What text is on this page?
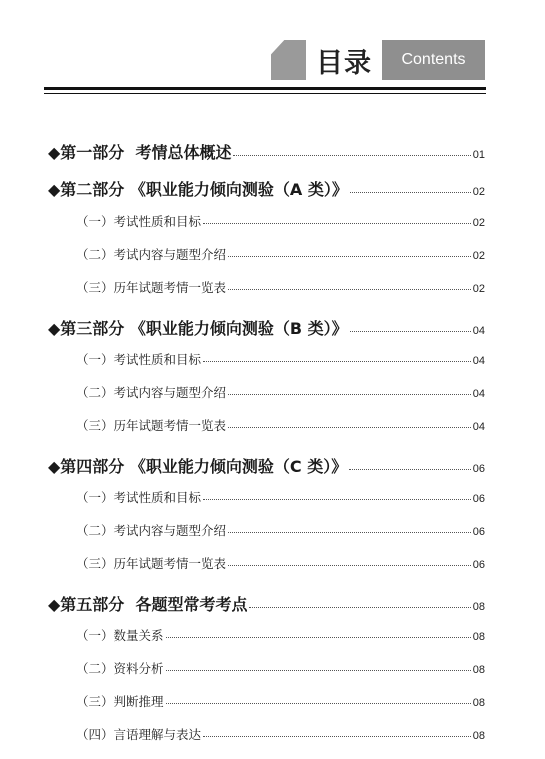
目录	Contents
◆第一部分  考情总体概述	01
◆第二部分 《职业能力倾向测验（A 类）》	02
（一）考试性质和目标	02
（二）考试内容与题型介绍	02
（三）历年试题考情一览表	02
◆第三部分 《职业能力倾向测验（B 类）》	04
（一）考试性质和目标	04
（二）考试内容与题型介绍	04
（三）历年试题考情一览表	04
◆第四部分 《职业能力倾向测验（C 类）》	06
（一）考试性质和目标	06
（二）考试内容与题型介绍	06
（三）历年试题考情一览表	06
◆第五部分  各题型常考考点	08
（一）数量关系	08
（二）资料分析	08
（三）判断推理	08
（四）言语理解与表达	08
